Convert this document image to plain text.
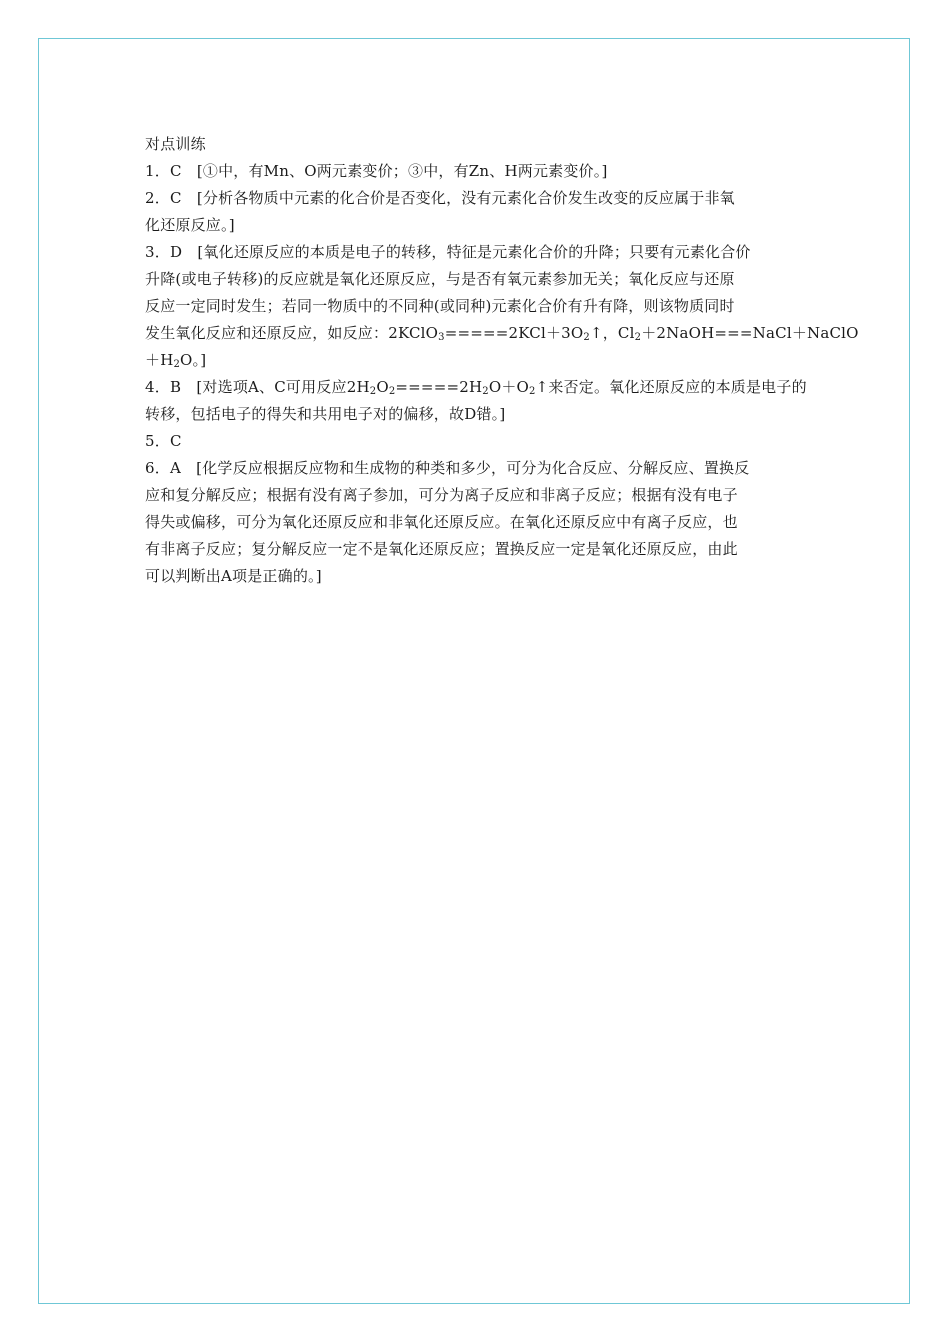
对点训练
1．C　[①中，有Mn、O两元素变价；③中，有Zn、H两元素变价。]
2．C　[分析各物质中元素的化合价是否变化，没有元素化合价发生改变的反应属于非氧
化还原反应。]
3．D　[氧化还原反应的本质是电子的转移，特征是元素化合价的升降；只要有元素化合价
升降(或电子转移)的反应就是氧化还原反应，与是否有氧元素参加无关；氧化反应与还原
反应一定同时发生；若同一物质中的不同种(或同种)元素化合价有升有降，则该物质同时
发生氧化反应和还原反应，如反应：$2KClO_3=====2KCl+3O_2↑$，$Cl_2+2NaOH===NaCl+NaClO$
$+H_2O$。]
4．B　[对选项A、C可用反应$2H_2O_2=====2H_2O+O_2↑$来否定。氧化还原反应的本质是电子的
转移，包括电子的得失和共用电子对的偏移，故D错。]
5．C
6．A　[化学反应根据反应物和生成物的种类和多少，可分为化合反应、分解反应、置换反
应和复分解反应；根据有没有离子参加，可分为离子反应和非离子反应；根据有没有电子
得失或偏移，可分为氧化还原反应和非氧化还原反应。在氧化还原反应中有离子反应，也
有非离子反应；复分解反应一定不是氧化还原反应；置换反应一定是氧化还原反应，由此
可以判断出A项是正确的。]
